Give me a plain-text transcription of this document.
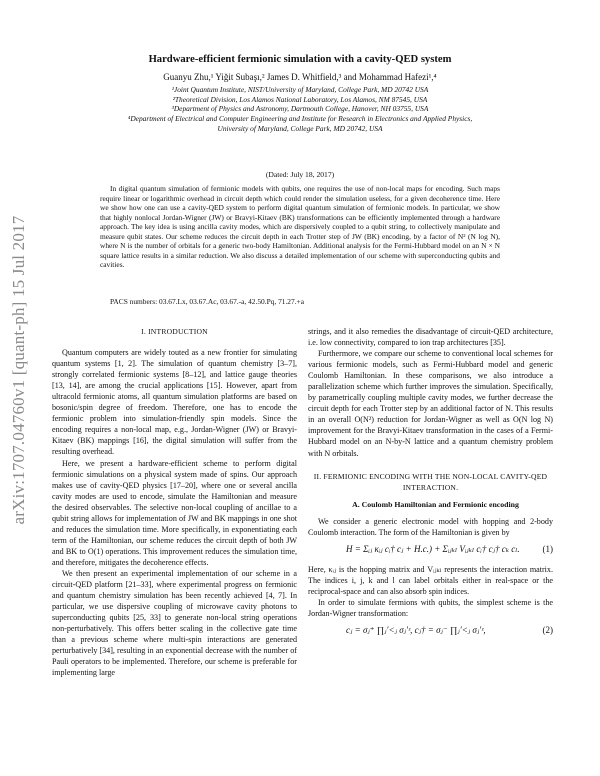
arXiv:1707.04760v1 [quant-ph] 15 Jul 2017
Hardware-efficient fermionic simulation with a cavity-QED system
Guanyu Zhu,¹ Yiğit Subaşı,² James D. Whitfield,³ and Mohammad Hafezi¹,⁴
¹Joint Quantum Institute, NIST/University of Maryland, College Park, MD 20742 USA
²Theoretical Division, Los Alamos National Laboratory, Los Alamos, NM 87545, USA
³Department of Physics and Astronomy, Dartmouth College, Hanover, NH 03755, USA
⁴Department of Electrical and Computer Engineering and Institute for Research in Electronics and Applied Physics,
University of Maryland, College Park, MD 20742, USA
(Dated: July 18, 2017)

In digital quantum simulation of fermionic models with qubits, one requires the use of non-local maps for encoding. Such maps require linear or logarithmic overhead in circuit depth which could render the simulation useless, for a given decoherence time. Here we show how one can use a cavity-QED system to perform digital quantum simulation of fermionic models. In particular, we show that highly nonlocal Jordan-Wigner (JW) or Bravyi-Kitaev (BK) transformations can be efficiently implemented through a hardware approach. The key idea is using ancilla cavity modes, which are dispersively coupled to a qubit string, to collectively manipulate and measure qubit states. Our scheme reduces the circuit depth in each Trotter step of JW (BK) encoding, by a factor of N² (N log N), where N is the number of orbitals for a generic two-body Hamiltonian. Additional analysis for the Fermi-Hubbard model on an N × N square lattice results in a similar reduction. We also discuss a detailed implementation of our scheme with superconducting qubits and cavities.

PACS numbers: 03.67.Lx, 03.67.Ac, 03.67.-a, 42.50.Pq, 71.27.+a

I. INTRODUCTION

Quantum computers are widely touted as a new frontier for simulating quantum systems [1, 2]. The simulation of quantum chemistry [3–7], strongly correlated fermionic systems [8–12], and lattice gauge theories [13, 14], are among the crucial applications [15]. However, apart from ultracold fermionic atoms, all quantum simulation platforms are based on bosonic/spin degree of freedom. Therefore, one has to encode the fermionic problem into simulation-friendly spin models. Since the encoding requires a non-local map, e.g., Jordan-Wigner (JW) or Bravyi-Kitaev (BK) mappings [16], the digital simulation will suffer from the resulting overhead.

Here, we present a hardware-efficient scheme to perform digital fermionic simulations on a physical system made of spins. Our approach makes use of cavity-QED physics [17–20], where one or several ancilla cavity modes are used to encode, simulate the Hamiltonian and measure the desired observables. The selective non-local coupling of ancillae to a qubit string allows for implementation of JW and BK mappings in one shot and reduces the simulation time. More specifically, in exponentiating each term of the Hamiltonian, our scheme reduces the circuit depth of both JW and BK to O(1) operations. This improvement reduces the simulation time, and therefore, mitigates the decoherence effects.

We then present an experimental implementation of our scheme in a circuit-QED platform [21–33], where experimental progress on fermionic and quantum chemistry simulation has been recently achieved [4, 7]. In particular, we use dispersive coupling of microwave cavity photons to superconducting qubits [25, 33] to generate non-local string operations non-perturbatively. This offers better scaling in the collective gate time than a previous scheme where multi-spin interactions are generated perturbatively [34], resulting in an exponential decrease with the number of Pauli operators to be implemented. Therefore, our scheme is preferable for implementing large

strings, and it also remedies the disadvantage of circuit-QED architecture, i.e. low connectivity, compared to ion trap architectures [35].

Furthermore, we compare our scheme to conventional local schemes for various fermionic models, such as Fermi-Hubbard model and generic Coulomb Hamiltonian. In these comparisons, we also introduce a parallelization scheme which further improves the simulation. Specifically, by parametrically coupling multiple cavity modes, we further decrease the circuit depth for each Trotter step by an additional factor of N. This results in an overall O(N²) reduction for Jordan-Wigner as well as O(N log N) improvement for the Bravyi-Kitaev transformation in the cases of a Fermi-Hubbard model on an N-by-N lattice and a quantum chemistry problem with N orbitals.

II. FERMIONIC ENCODING WITH THE NON-LOCAL CAVITY-QED INTERACTION.

A. Coulomb Hamiltonian and Fermionic encoding

We consider a generic electronic model with hopping and 2-body Coulomb interaction. The form of the Hamiltonian is given by

H = Σᵢⱼ κᵢⱼ cᵢ† cⱼ + H.c.) + Σᵢⱼₖₗ Vᵢⱼₖₗ cᵢ† cⱼ† cₖ cₗ.	(1)

Here, κᵢⱼ is the hopping matrix and Vᵢⱼₖₗ represents the interaction matrix. The indices i, j, k and l can label orbitals either in real-space or the reciprocal-space and can also absorb spin indices.

In order to simulate fermions with qubits, the simplest scheme is the Jordan-Wigner transformation:

cⱼ = σⱼ⁺ ∏ⱼ′<ⱼ σⱼ′ᶻ, cⱼ† = σⱼ⁻ ∏ⱼ′<ⱼ σⱼ′ᶻ,	(2)
